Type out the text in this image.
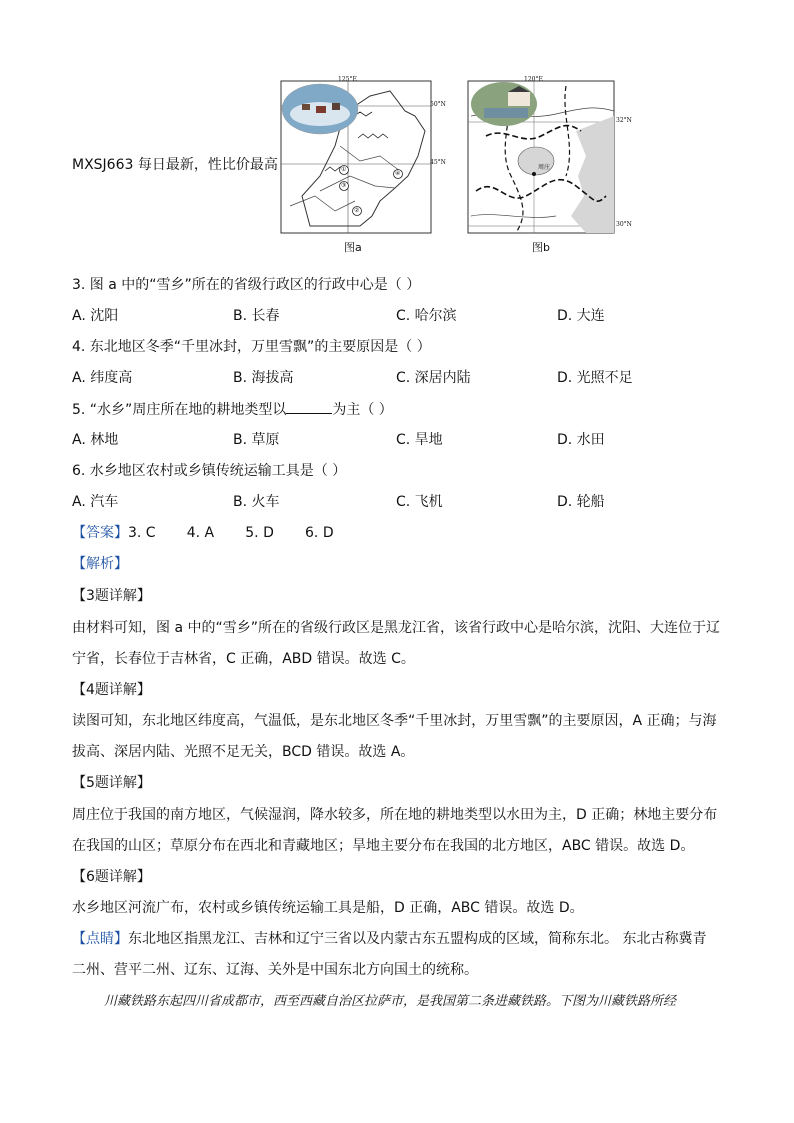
MXSJ663 每日最新，性比价最高
125°E
50°N
45°N
①
②
③
④
图a
120°E
32°N
30°N
周庄
图b
3. 图 a 中的“雪乡”所在的省级行政区的行政中心是（ ）
A. 沈阳	B. 长春	C. 哈尔滨	D. 大连
4. 东北地区冬季“千里冰封，万里雪飘”的主要原因是（ ）
A. 纬度高	B. 海拔高	C. 深居内陆	D. 光照不足
5. “水乡”周庄所在地的耕地类型以	为主（ ）
A. 林地	B. 草原	C. 旱地	D. 水田
6. 水乡地区农村或乡镇传统运输工具是（ ）
A. 汽车	B. 火车	C. 飞机	D. 轮船
【答案】3. C       4. A       5. D       6. D
【解析】
【3题详解】
由材料可知，图 a 中的“雪乡”所在的省级行政区是黑龙江省，该省行政中心是哈尔滨，沈阳、大连位于辽
宁省，长春位于吉林省，C 正确，ABD 错误。故选 C。
【4题详解】
读图可知，东北地区纬度高，气温低，是东北地区冬季“千里冰封，万里雪飘”的主要原因，A 正确；与海
拔高、深居内陆、光照不足无关，BCD 错误。故选 A。
【5题详解】
周庄位于我国的南方地区，气候湿润，降水较多，所在地的耕地类型以水田为主，D 正确；林地主要分布
在我国的山区；草原分布在西北和青藏地区；旱地主要分布在我国的北方地区，ABC 错误。故选 D。
【6题详解】
水乡地区河流广布，农村或乡镇传统运输工具是船，D 正确，ABC 错误。故选 D。
【点睛】东北地区指黑龙江、吉林和辽宁三省以及内蒙古东五盟构成的区域，简称东北。 东北古称冀青
二州、营平二州、辽东、辽海、关外是中国东北方向国土的统称。
川藏铁路东起四川省成都市，西至西藏自治区拉萨市，是我国第二条进藏铁路。下图为川藏铁路所经
